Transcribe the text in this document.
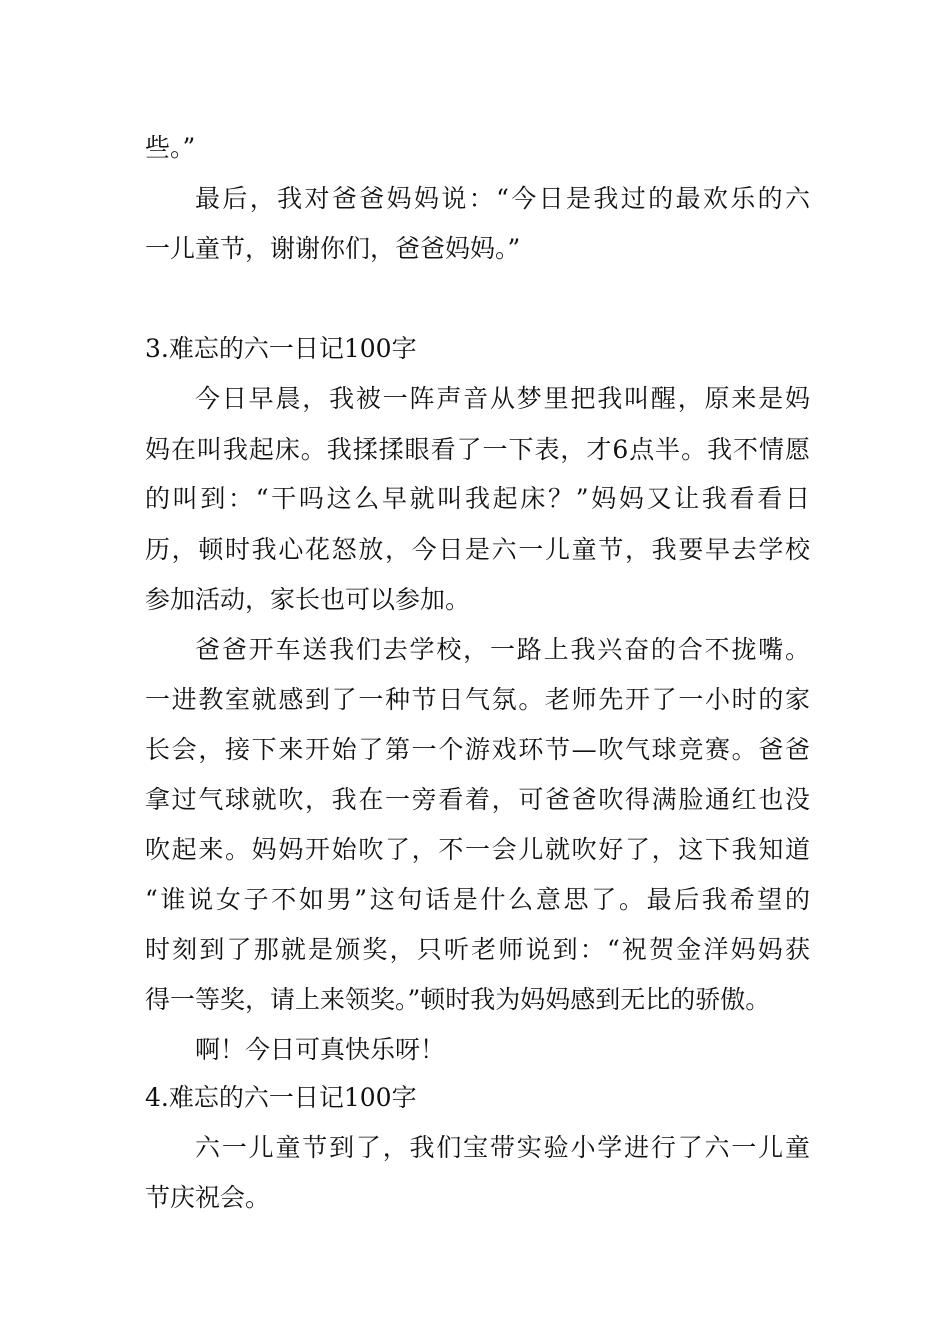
些。”
最后，我对爸爸妈妈说：“今日是我过的最欢乐的六
一儿童节，谢谢你们，爸爸妈妈。”
3.难忘的六一日记100字
今日早晨，我被一阵声音从梦里把我叫醒，原来是妈
妈在叫我起床。我揉揉眼看了一下表，才6点半。我不情愿
的叫到：“干吗这么早就叫我起床？”妈妈又让我看看日
历，顿时我心花怒放，今日是六一儿童节，我要早去学校
参加活动，家长也可以参加。
爸爸开车送我们去学校，一路上我兴奋的合不拢嘴。
一进教室就感到了一种节日气氛。老师先开了一小时的家
长会，接下来开始了第一个游戏环节—吹气球竞赛。爸爸
拿过气球就吹，我在一旁看着，可爸爸吹得满脸通红也没
吹起来。妈妈开始吹了，不一会儿就吹好了，这下我知道
“谁说女子不如男”这句话是什么意思了。最后我希望的
时刻到了那就是颁奖，只听老师说到：“祝贺金洋妈妈获
得一等奖，请上来领奖。”顿时我为妈妈感到无比的骄傲。
啊！今日可真快乐呀！
4.难忘的六一日记100字
六一儿童节到了，我们宝带实验小学进行了六一儿童
节庆祝会。
